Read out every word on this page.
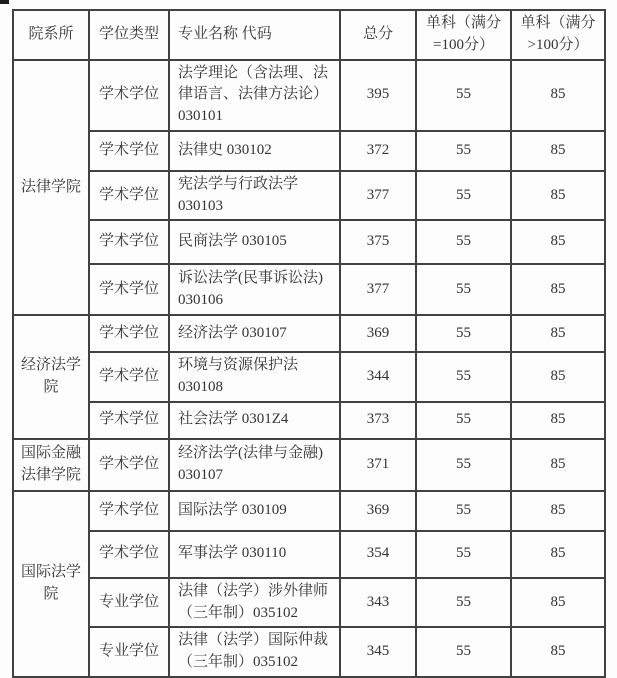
院系所	学位类型	专业名称 代码	总分	单科（满分=100分）	单科（满分>100分）
法律学院	学术学位	法学理论（含法理、法律语言、法律方法论）030101	395	55	85
	学术学位	法律史 030102	372	55	85
	学术学位	宪法学与行政法学 030103	377	55	85
	学术学位	民商法学 030105	375	55	85
	学术学位	诉讼法学(民事诉讼法) 030106	377	55	85
经济法学院	学术学位	经济法学 030107	369	55	85
	学术学位	环境与资源保护法 030108	344	55	85
	学术学位	社会法学 0301Z4	373	55	85
国际金融法律学院	学术学位	经济法学(法律与金融) 030107	371	55	85
国际法学院	学术学位	国际法学 030109	369	55	85
	学术学位	军事法学 030110	354	55	85
	专业学位	法律（法学）涉外律师（三年制）035102	343	55	85
	专业学位	法律（法学）国际仲裁（三年制）035102	345	55	85
